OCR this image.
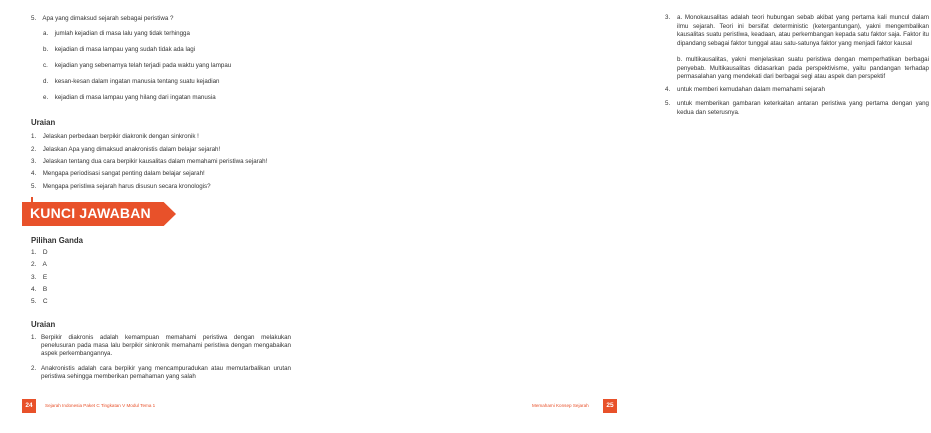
5. Apa yang dimaksud sejarah sebagai peristiwa ?
a. jumlah kejadian di masa lalu yang tidak terhingga
b. kejadian di masa lampau yang sudah tidak ada lagi
c. kejadian yang sebenarnya telah terjadi pada waktu yang lampau
d. kesan-kesan dalam ingatan manusia tentang suatu kejadian
e. kejadian di masa lampau yang hilang dari ingatan manusia
Uraian
1. Jelaskan perbedaan berpikir diakronik dengan sinkronik !
2. Jelaskan Apa yang dimaksud anakronistis dalam belajar sejarah!
3. Jelaskan tentang dua cara berpikir kausalitas dalam memahami peristiwa sejarah!
4. Mengapa periodisasi sangat penting dalam belajar sejarah!
5. Mengapa peristiwa sejarah harus disusun secara kronologis?
KUNCI JAWABAN
Pilihan Ganda
1. D
2. A
3. E
4. B
5. C
Uraian
1. Berpikir diakronis adalah kemampuan memahami peristiwa dengan melakukan penelusuran pada masa lalu berpikir sinkronik memahami peristiwa dengan mengabaikan aspek perkembangannya.
2. Anakronistis adalah cara berpikir yang mencampuradukan atau memutarbalikan urutan peristiwa sehingga memberikan pemahaman yang salah
24	Sejarah Indonesia Paket C Tingkatan V Modul Tema 1
3. a. Monokausalitas adalah teori hubungan sebab akibat yang pertama kali muncul dalam ilmu sejarah. Teori ini bersifat deterministic (ketergantungan), yakni mengembalikan kausalitas suatu peristiwa, keadaan, atau perkembangan kepada satu faktor saja. Faktor itu dipandang sebagai faktor tunggal atau satu-satunya faktor yang menjadi faktor kausal
b. multikausalitas, yakni menjelaskan suatu peristiwa dengan memperhatikan berbagai penyebab. Multikausalitas didasarkan pada perspektivisme, yaitu pandangan terhadap permasalahan yang mendekati dari berbagai segi atau aspek dan perspektif
4. untuk memberi kemudahan dalam memahami sejarah
5. untuk memberikan gambaran keterkaitan antaran peristiwa yang pertama dengan yang kedua dan seterusnya.
Memahami Konsep Sejarah	25
